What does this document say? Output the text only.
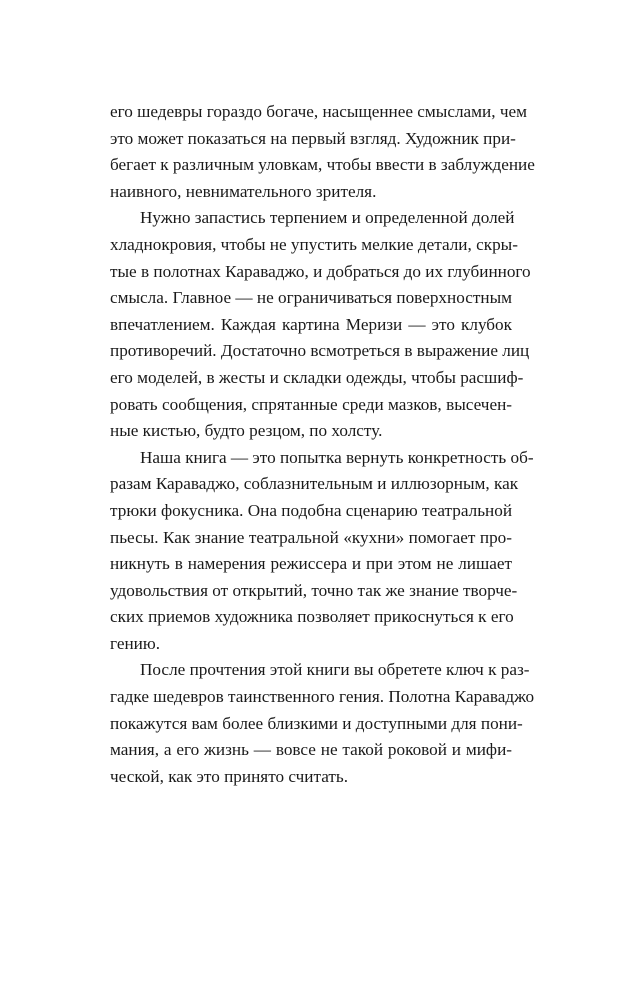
его шедевры гораздо богаче, насыщеннее смыслами, чем
это может показаться на первый взгляд. Художник при-
бегает к различным уловкам, чтобы ввести в заблуждение
наивного, невнимательного зрителя.
Нужно запастись терпением и определенной долей
хладнокровия, чтобы не упустить мелкие детали, скры-
тые в полотнах Караваджо, и добраться до их глубинного
смысла. Главное — не ограничиваться поверхностным
впечатлением. Каждая картина Меризи — это клубок
противоречий. Достаточно всмотреться в выражение лиц
его моделей, в жесты и складки одежды, чтобы расшиф-
ровать сообщения, спрятанные среди мазков, высечен-
ные кистью, будто резцом, по холсту.
Наша книга — это попытка вернуть конкретность об-
разам Караваджо, соблазнительным и иллюзорным, как
трюки фокусника. Она подобна сценарию театральной
пьесы. Как знание театральной «кухни» помогает про-
никнуть в намерения режиссера и при этом не лишает
удовольствия от открытий, точно так же знание творче-
ских приемов художника позволяет прикоснуться к его
гению.
После прочтения этой книги вы обретете ключ к раз-
гадке шедевров таинственного гения. Полотна Караваджо
покажутся вам более близкими и доступными для пони-
мания, а его жизнь — вовсе не такой роковой и мифи-
ческой, как это принято считать.
